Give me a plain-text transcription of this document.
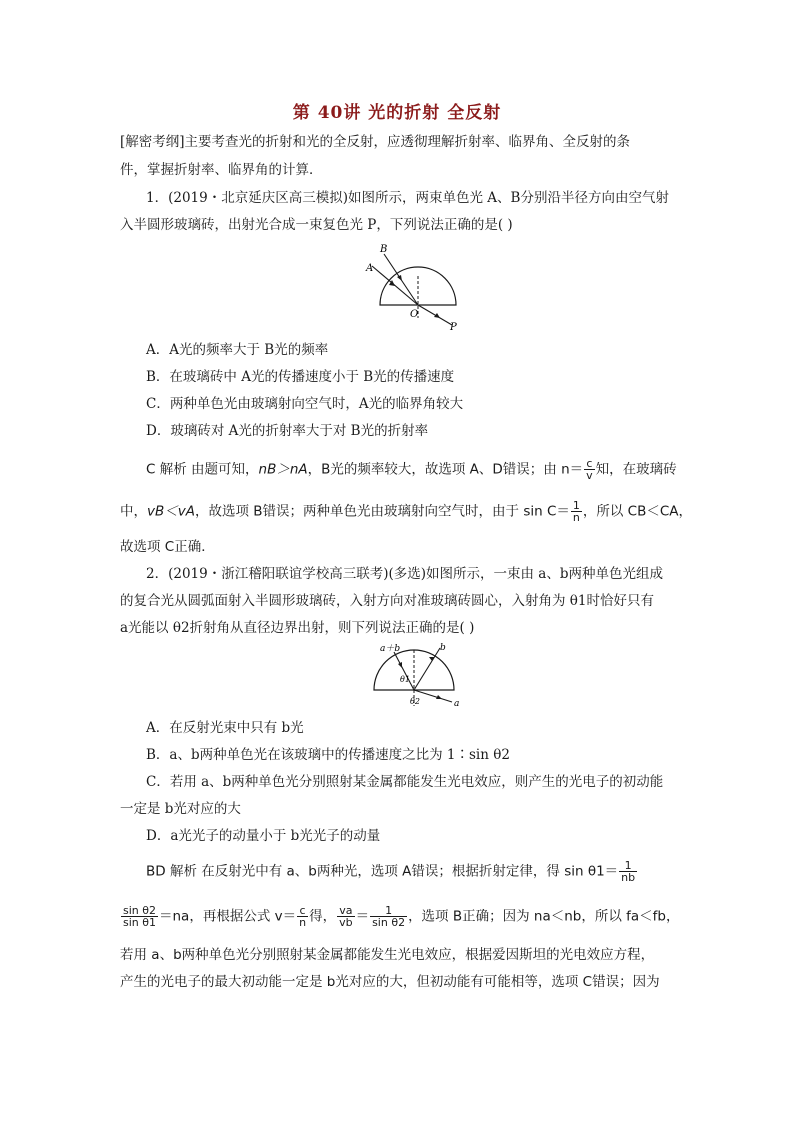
第 40讲 光的折射 全反射
[解密考纲]主要考查光的折射和光的全反射，应透彻理解折射率、临界角、全反射的条
件，掌握折射率、临界角的计算．
1．(2019・北京延庆区高三模拟)如图所示，两束单色光 A、B分别沿半径方向由空气射
入半圆形玻璃砖，出射光合成一束复色光 P，下列说法正确的是( )
A
B
O
P
A．A光的频率大于 B光的频率
B．在玻璃砖中 A光的传播速度小于 B光的传播速度
C．两种单色光由玻璃射向空气时，A光的临界角较大
D．玻璃砖对 A光的折射率大于对 B光的折射率
C 解析 由题可知，nB＞nA，B光的频率较大，故选项 A、D错误；由 $n= \frac{c}{v}$ 知，在玻璃砖
中，vB＜vA，故选项 B错误；两种单色光由玻璃射向空气时，由于 $\sin C= \frac{1}{n}$ ，所以 CB＜CA，
故选项 C正确．
2．(2019・浙江稽阳联谊学校高三联考)(多选)如图所示，一束由 a、b两种单色光组成
的复合光从圆弧面射入半圆形玻璃砖，入射方向对准玻璃砖圆心，入射角为 θ1时恰好只有
a光能以 θ2折射角从直径边界出射，则下列说法正确的是( )
a＋b	b
a
θ1
θ2
A．在反射光束中只有 b光
B．a、b两种单色光在该玻璃中的传播速度之比为 1∶sin θ2
C．若用 a、b两种单色光分别照射某金属都能发生光电效应，则产生的光电子的初动能
一定是 b光对应的大
D．a光光子的动量小于 b光光子的动量
BD 解析 在反射光中有 a、b两种光，选项 A错误；根据折射定律，得 $\sin \theta 1= \frac{1}{nb}$
$\frac{\text{sin θ2}}{\text{sin θ1}} =na$，再根据公式 $v= \frac{c}{n}$ 得， $\frac{va}{vb} = \frac{1}{\text{sin θ2}}$ ，选项 B正确；因为 na＜nb，所以 fa＜fb，
若用 a、b两种单色光分别照射某金属都能发生光电效应，根据爱因斯坦的光电效应方程，
产生的光电子的最大初动能一定是 b光对应的大，但初动能有可能相等，选项 C错误；因为
